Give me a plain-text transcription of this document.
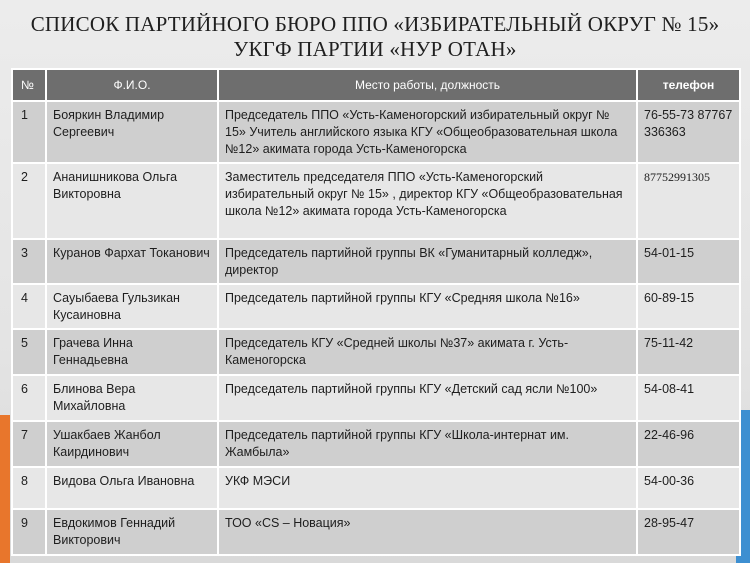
СПИСОК ПАРТИЙНОГО БЮРО ППО «ИЗБИРАТЕЛЬНЫЙ ОКРУГ № 15»
УКГФ ПАРТИИ «НУР ОТАН»
№	Ф.И.О.	Место работы, должность	телефон
1	Бояркин Владимир Сергеевич	Председатель ППО «Усть-Каменогорский избирательный округ № 15» Учитель английского языка КГУ «Общеобразовательная школа №12» акимата города Усть-Каменогорска	76-55-73 87767336363
2	Ананишникова Ольга Викторовна	Заместитель председателя ППО «Усть-Каменогорский избирательный округ № 15» , директор КГУ «Общеобразовательная школа №12» акимата города Усть-Каменогорска	87752991305
3	Куранов Фархат Токанович	Председатель партийной группы ВК «Гуманитарный колледж», директор	54-01-15
4	Сауыбаева Гульзикан Кусаиновна	Председатель партийной группы КГУ «Средняя школа №16»	60-89-15
5	Грачева Инна Геннадьевна	Председатель КГУ «Средней школы №37» акимата г. Усть-Каменогорска	75-11-42
6	Блинова Вера Михайловна	Председатель партийной группы КГУ «Детский сад ясли №100»	54-08-41
7	Ушакбаев Жанбол Каирдинович	Председатель партийной группы КГУ «Школа-интернат им. Жамбыла»	22-46-96
8	Видова Ольга Ивановна	УКФ МЭСИ	54-00-36
9	Евдокимов Геннадий Викторович	ТОО «CS – Новация»	28-95-47
